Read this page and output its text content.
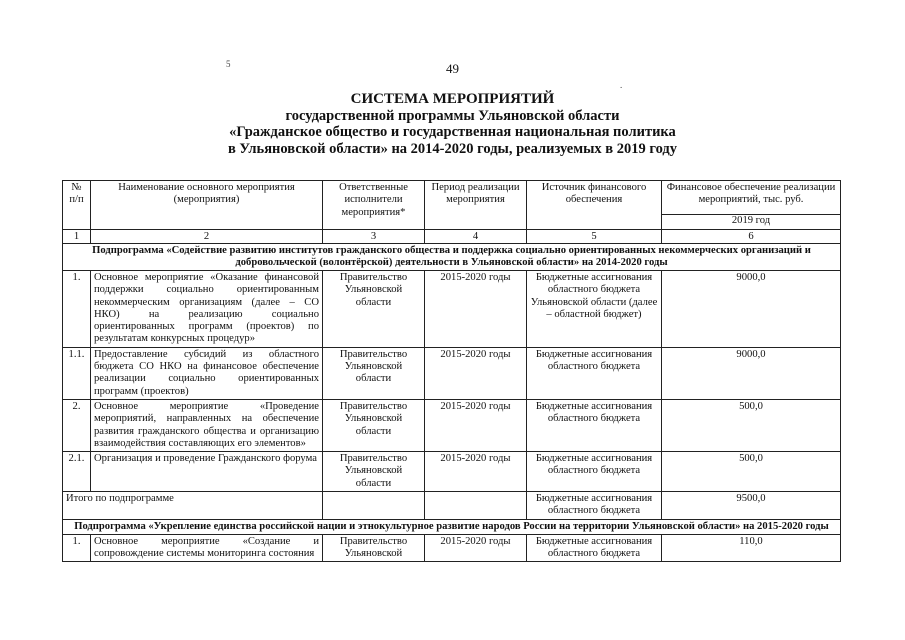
49
5
.
СИСТЕМА МЕРОПРИЯТИЙ
государственной программы Ульяновской области
«Гражданское общество и государственная национальная политика
в Ульяновской области» на 2014-2020 годы, реализуемых в 2019 году
№ п/п	Наименование основного мероприятия (мероприятия)	Ответственные исполнители мероприятия*	Период реализации мероприятия	Источник финансового обеспечения	Финансовое обеспечение реализации мероприятий, тыс. руб.
					2019 год
1	2	3	4	5	6
Подпрограмма «Содействие развитию институтов гражданского общества и поддержка социально ориентированных некоммерческих организаций и добровольческой (волонтёрской) деятельности в Ульяновской области» на 2014-2020 годы					
1.	Основное мероприятие «Оказание финансовой поддержки социально ориентированным некоммерческим организациям (далее – СО НКО) на реализацию социально ориентированных программ (проектов) по результатам конкурсных процедур»	Правительство Ульяновской области	2015-2020 годы	Бюджетные ассигнования областного бюджета Ульяновской области (далее – областной бюджет)	9000,0
1.1.	Предоставление субсидий из областного бюджета СО НКО на финансовое обеспечение реализации социально ориентированных программ (проектов)	Правительство Ульяновской области	2015-2020 годы	Бюджетные ассигнования областного бюджета	9000,0
2.	Основное мероприятие «Проведение мероприятий, направленных на обеспечение развития гражданского общества и организацию взаимодействия составляющих его элементов»	Правительство Ульяновской области	2015-2020 годы	Бюджетные ассигнования областного бюджета	500,0
2.1.	Организация и проведение Гражданского форума	Правительство Ульяновской области	2015-2020 годы	Бюджетные ассигнования областного бюджета	500,0
Итого по подпрограмме				Бюджетные ассигнования областного бюджета	9500,0
Подпрограмма «Укрепление единства российской нации и этнокультурное развитие народов России на территории Ульяновской области» на 2015-2020 годы					
1.	Основное мероприятие «Создание и сопровождение системы мониторинга состояния	Правительство Ульяновской	2015-2020 годы	Бюджетные ассигнования областного бюджета	110,0
